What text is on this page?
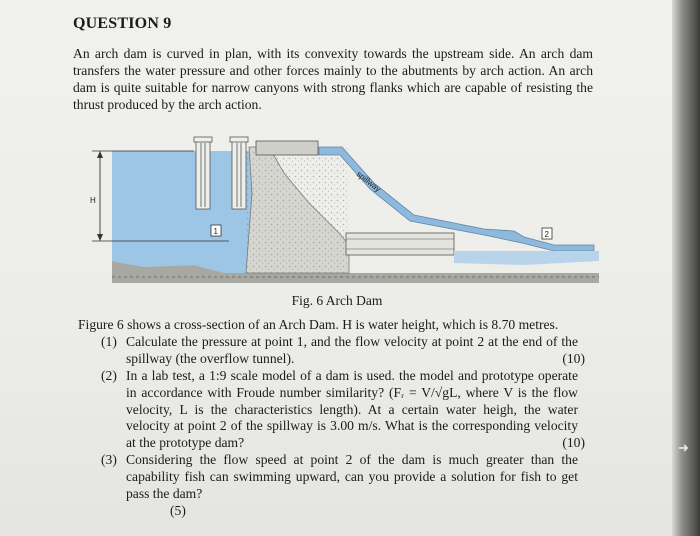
➜
QUESTION 9
An arch dam is curved in plan, with its convexity towards the upstream side. An arch dam transfers the water pressure and other forces mainly to the abutments by arch action. An arch dam is quite suitable for narrow canyons with strong flanks which are capable of resisting the thrust produced by the arch action.
H
spillway
1	2
Fig. 6 Arch Dam
Figure 6 shows a cross-section of an Arch Dam. H is water height, which is 8.70 metres.
(1) Calculate the pressure at point 1, and the flow velocity at point 2 at the end of the spillway (the overflow tunnel).	(10)
(2) In a lab test, a 1:9 scale model of a dam is used. the model and prototype operate in accordance with Froude number similarity? (Fᵣ = V/√gL, where V is the flow velocity, L is the characteristics length). At a certain water heigh, the water velocity at point 2 of the spillway is 3.00 m/s. What is the corresponding velocity at the prototype dam?	(10)
(3) Considering the flow speed at point 2 of the dam is much greater than the capability fish can swimming upward, can you provide a solution for fish to get pass the dam?
(5)
